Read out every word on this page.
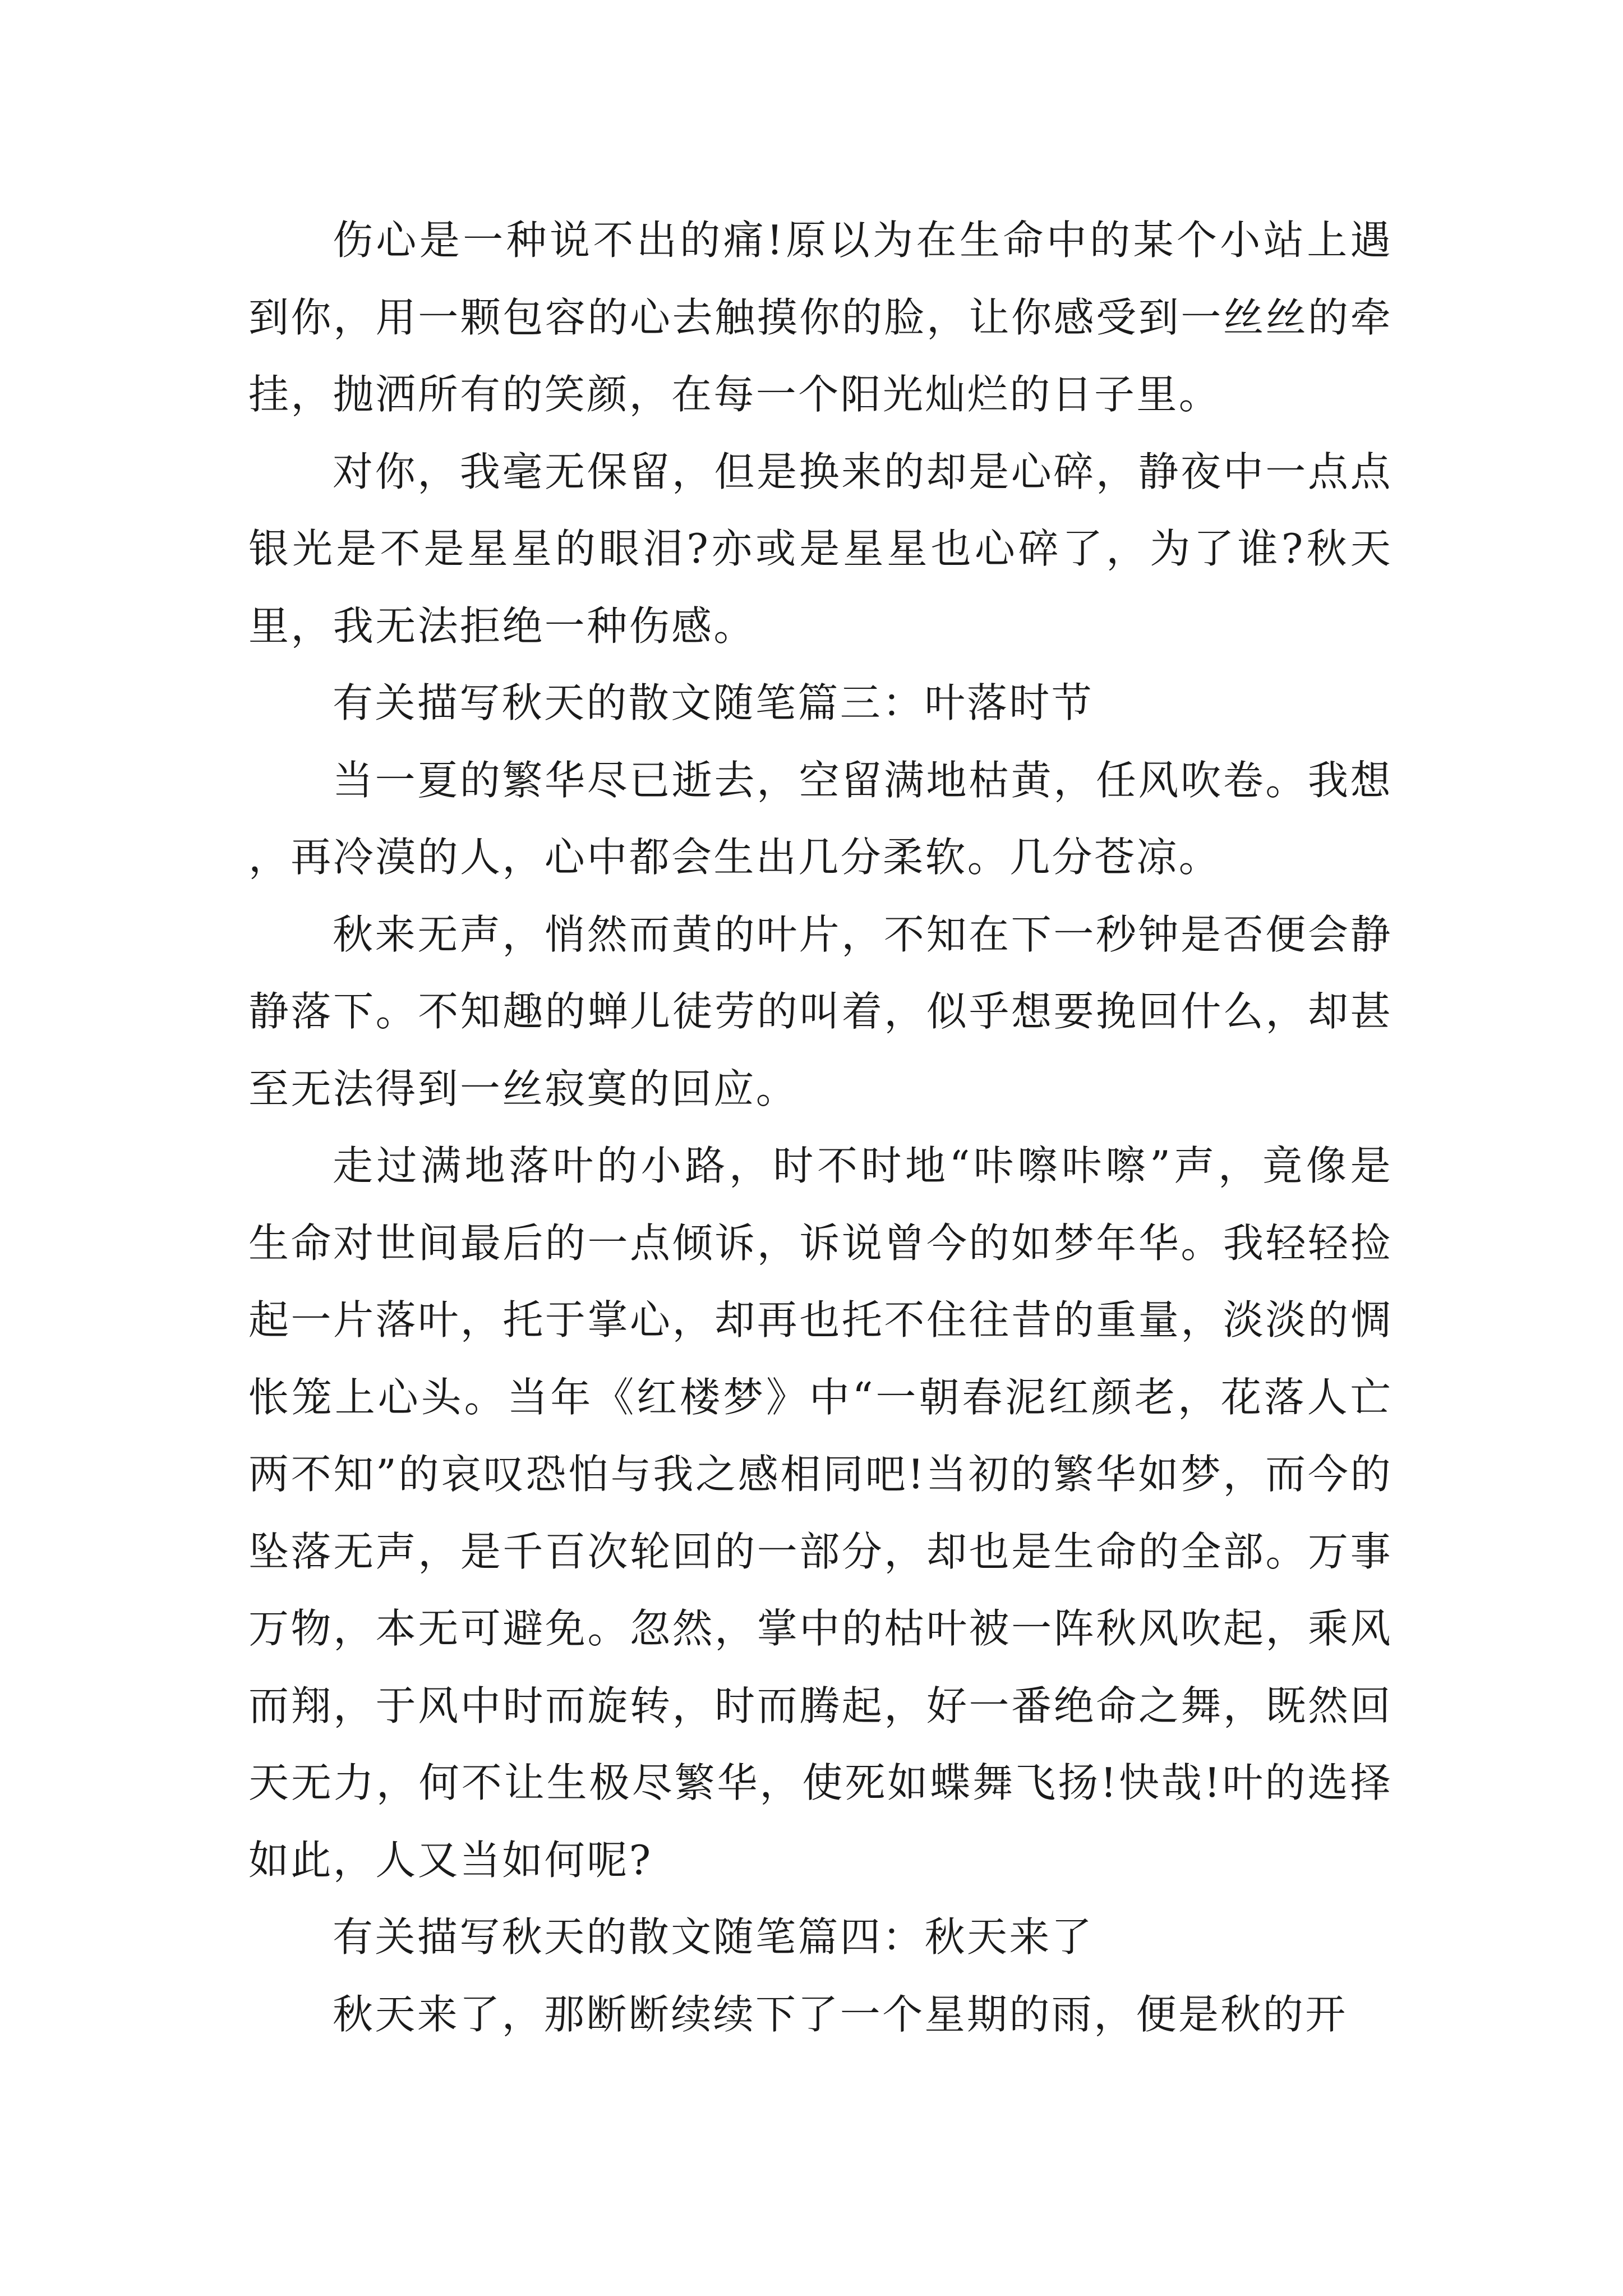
伤心是一种说不出的痛!原以为在生命中的某个小站上遇到你，用一颗包容的心去触摸你的脸，让你感受到一丝丝的牵挂，抛洒所有的笑颜，在每一个阳光灿烂的日子里。

对你，我毫无保留，但是换来的却是心碎，静夜中一点点银光是不是星星的眼泪?亦或是星星也心碎了，为了谁?秋天里，我无法拒绝一种伤感。

有关描写秋天的散文随笔篇三：叶落时节

当一夏的繁华尽已逝去，空留满地枯黄，任风吹卷。我想，再冷漠的人，心中都会生出几分柔软。几分苍凉。

秋来无声，悄然而黄的叶片，不知在下一秒钟是否便会静静落下。不知趣的蝉儿徒劳的叫着，似乎想要挽回什么，却甚至无法得到一丝寂寞的回应。

走过满地落叶的小路，时不时地“咔嚓咔嚓”声，竟像是生命对世间最后的一点倾诉，诉说曾今的如梦年华。我轻轻捡起一片落叶，托于掌心，却再也托不住往昔的重量，淡淡的惆怅笼上心头。当年《红楼梦》中“一朝春泥红颜老，花落人亡两不知”的哀叹恐怕与我之感相同吧!当初的繁华如梦，而今的坠落无声，是千百次轮回的一部分，却也是生命的全部。万事万物，本无可避免。忽然，掌中的枯叶被一阵秋风吹起，乘风而翔，于风中时而旋转，时而腾起，好一番绝命之舞，既然回天无力，何不让生极尽繁华，使死如蝶舞飞扬!快哉!叶的选择如此，人又当如何呢?

有关描写秋天的散文随笔篇四：秋天来了

秋天来了，那断断续续下了一个星期的雨，便是秋的开
